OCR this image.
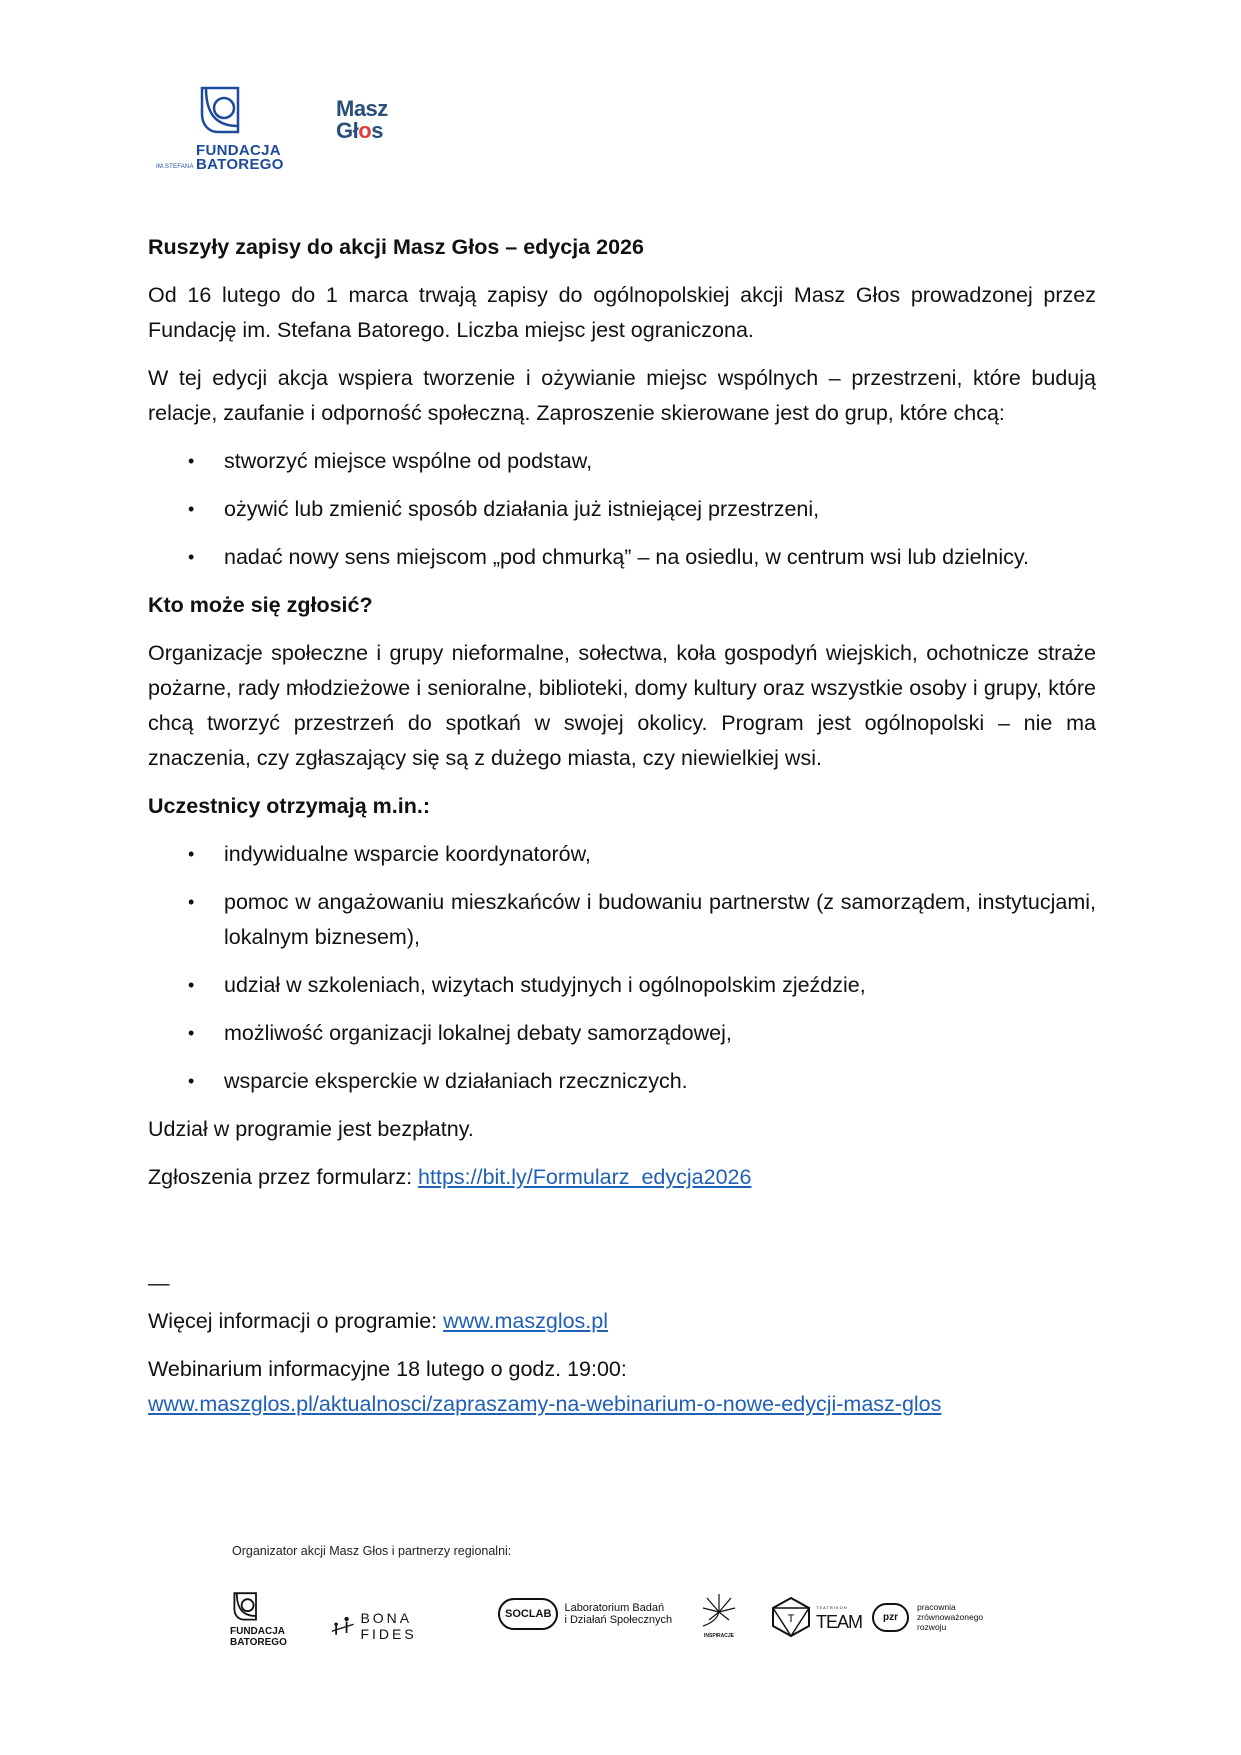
FUNDACJA
BATOREGO
IM.STEFANA
Masz
Głos

Ruszyły zapisy do akcji Masz Głos – edycja 2026

Od 16 lutego do 1 marca trwają zapisy do ogólnopolskiej akcji Masz Głos prowadzonej przez Fundację im. Stefana Batorego. Liczba miejsc jest ograniczona.

W tej edycji akcja wspiera tworzenie i ożywianie miejsc wspólnych – przestrzeni, które budują relacje, zaufanie i odporność społeczną. Zaproszenie skierowane jest do grup, które chcą:

• stworzyć miejsce wspólne od podstaw,
• ożywić lub zmienić sposób działania już istniejącej przestrzeni,
• nadać nowy sens miejscom „pod chmurką” – na osiedlu, w centrum wsi lub dzielnicy.

Kto może się zgłosić?

Organizacje społeczne i grupy nieformalne, sołectwa, koła gospodyń wiejskich, ochotnicze straże pożarne, rady młodzieżowe i senioralne, biblioteki, domy kultury oraz wszystkie osoby i grupy, które chcą tworzyć przestrzeń do spotkań w swojej okolicy. Program jest ogólnopolski – nie ma znaczenia, czy zgłaszający się są z dużego miasta, czy niewielkiej wsi.

Uczestnicy otrzymają m.in.:

• indywidualne wsparcie koordynatorów,
• pomoc w angażowaniu mieszkańców i budowaniu partnerstw (z samorządem, instytucjami, lokalnym biznesem),
• udział w szkoleniach, wizytach studyjnych i ogólnopolskim zjeździe,
• możliwość organizacji lokalnej debaty samorządowej,
• wsparcie eksperckie w działaniach rzeczniczych.

Udział w programie jest bezpłatny.

Zgłoszenia przez formularz: https://bit.ly/Formularz_edycja2026

—

Więcej informacji o programie: www.maszglos.pl

Webinarium informacyjne 18 lutego o godz. 19:00:

www.maszglos.pl/aktualnosci/zapraszamy-na-webinarium-o-nowe-edycji-masz-glos

Organizator akcji Masz Głos i partnerzy regionalni:
FUNDACJA
BATOREGO
BONA FIDES
SOCLAB	Laboratorium Badań
i Działań Społecznych
INSPIRACJE
T
TEATRIKON
TEAM	pzr
pracownia
zrównoważonego
rozwoju
